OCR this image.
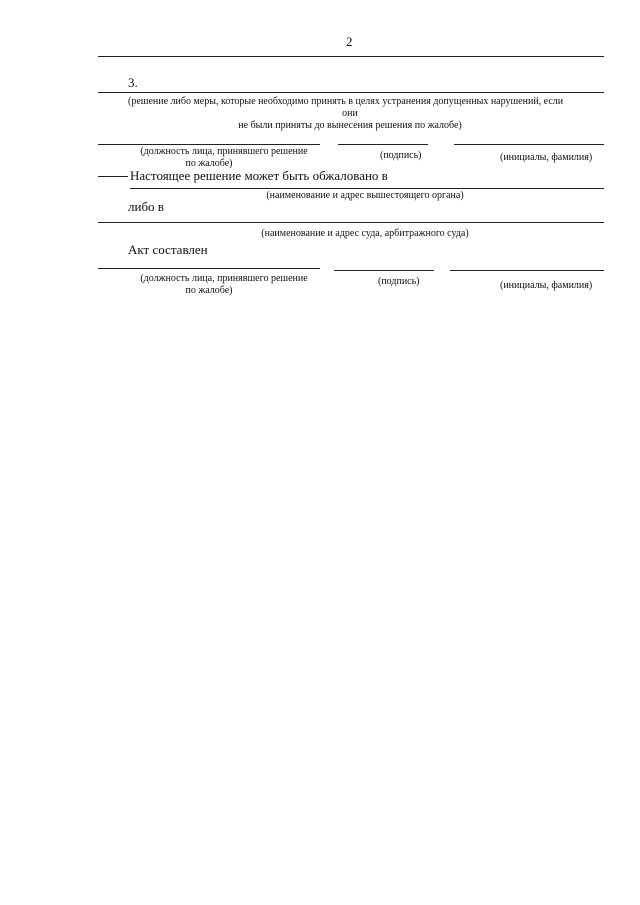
2
3.
(решение либо меры, которые необходимо принять в целях устранения допущенных нарушений, если
они
не были приняты до вынесения решения по жалобе)
(должность лица, принявшего решение
по жалобе)
(подпись)	(инициалы, фамилия)
Настоящее решение может быть обжаловано в
(наименование и адрес вышестоящего органа)
либо в
(наименование и адрес суда, арбитражного суда)
Акт составлен
(должность лица, принявшего решение
по жалобе)
(подпись)	(инициалы, фамилия)
